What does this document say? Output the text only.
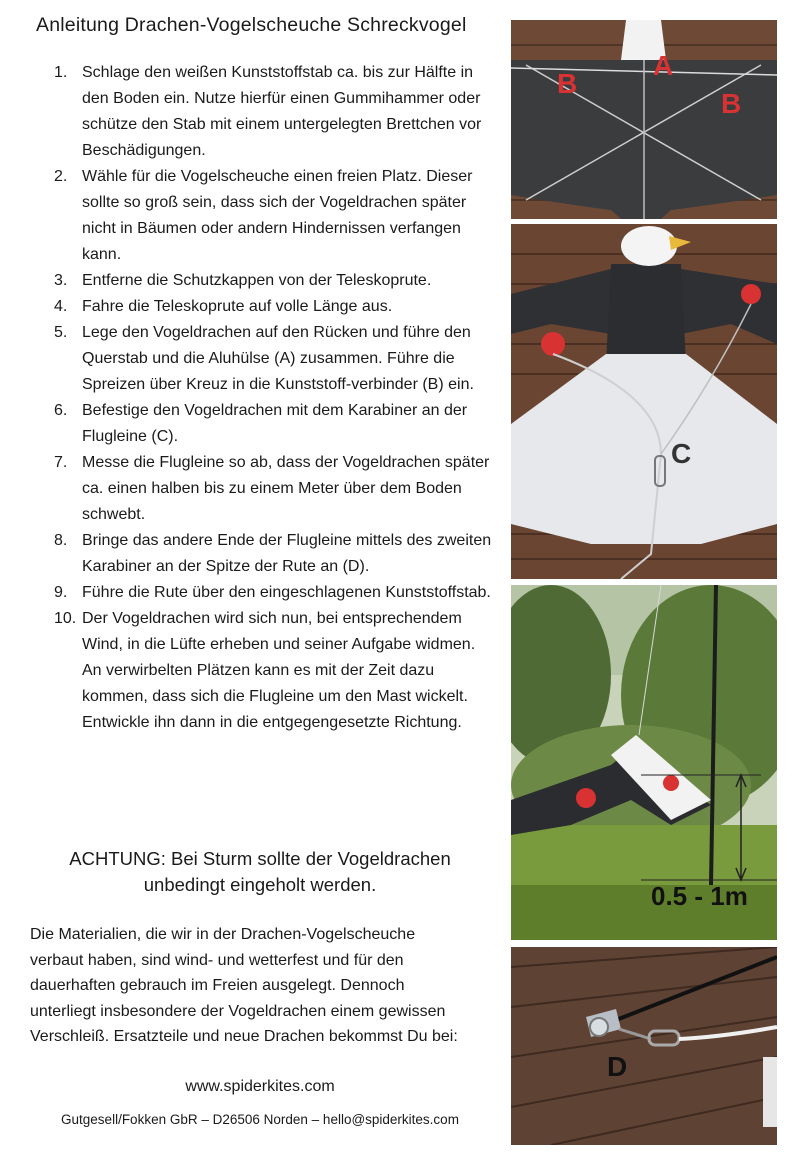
Anleitung Drachen-Vogelscheuche Schreckvogel
1. Schlage den weißen Kunststoffstab ca. bis zur Hälfte in den Boden ein. Nutze hierfür einen Gummihammer oder schütze den Stab mit einem untergelegten Brettchen vor Beschädigungen.
2. Wähle für die Vogelscheuche einen freien Platz. Dieser sollte so groß sein, dass sich der Vogeldrachen später nicht in Bäumen oder andern Hindernissen verfangen kann.
3. Entferne die Schutzkappen von der Teleskoprute.
4. Fahre die Teleskoprute auf volle Länge aus.
5. Lege den Vogeldrachen auf den Rücken und führe den Querstab und die Aluhülse (A) zusammen. Führe die Spreizen über Kreuz in die Kunststoff-verbinder (B) ein.
6. Befestige den Vogeldrachen mit dem Karabiner an der Flugleine (C).
7. Messe die Flugleine so ab, dass der Vogeldrachen später ca. einen halben bis zu einem Meter über dem Boden schwebt.
8. Bringe das andere Ende der Flugleine mittels des zweiten Karabiner an der Spitze der Rute an (D).
9. Führe die Rute über den eingeschlagenen Kunststoffstab.
10. Der Vogeldrachen wird sich nun, bei entsprechendem Wind, in die Lüfte erheben und seiner Aufgabe widmen. An verwirbelten Plätzen kann es mit der Zeit dazu kommen, dass sich die Flugleine um den Mast wickelt. Entwickle ihn dann in die entgegengesetzte Richtung.
ACHTUNG: Bei Sturm sollte der Vogeldrachen unbedingt eingeholt werden.
Die Materialien, die wir in der Drachen-Vogelscheuche verbaut haben, sind wind- und wetterfest und für den dauerhaften gebrauch im Freien ausgelegt. Dennoch unterliegt insbesondere der Vogeldrachen einem gewissen Verschleiß. Ersatzteile und neue Drachen bekommst Du bei:
www.spiderkites.com
Gutgesell/Fokken GbR – D26506 Norden – hello@spiderkites.com
A
B
B
C
0.5 - 1m
D
